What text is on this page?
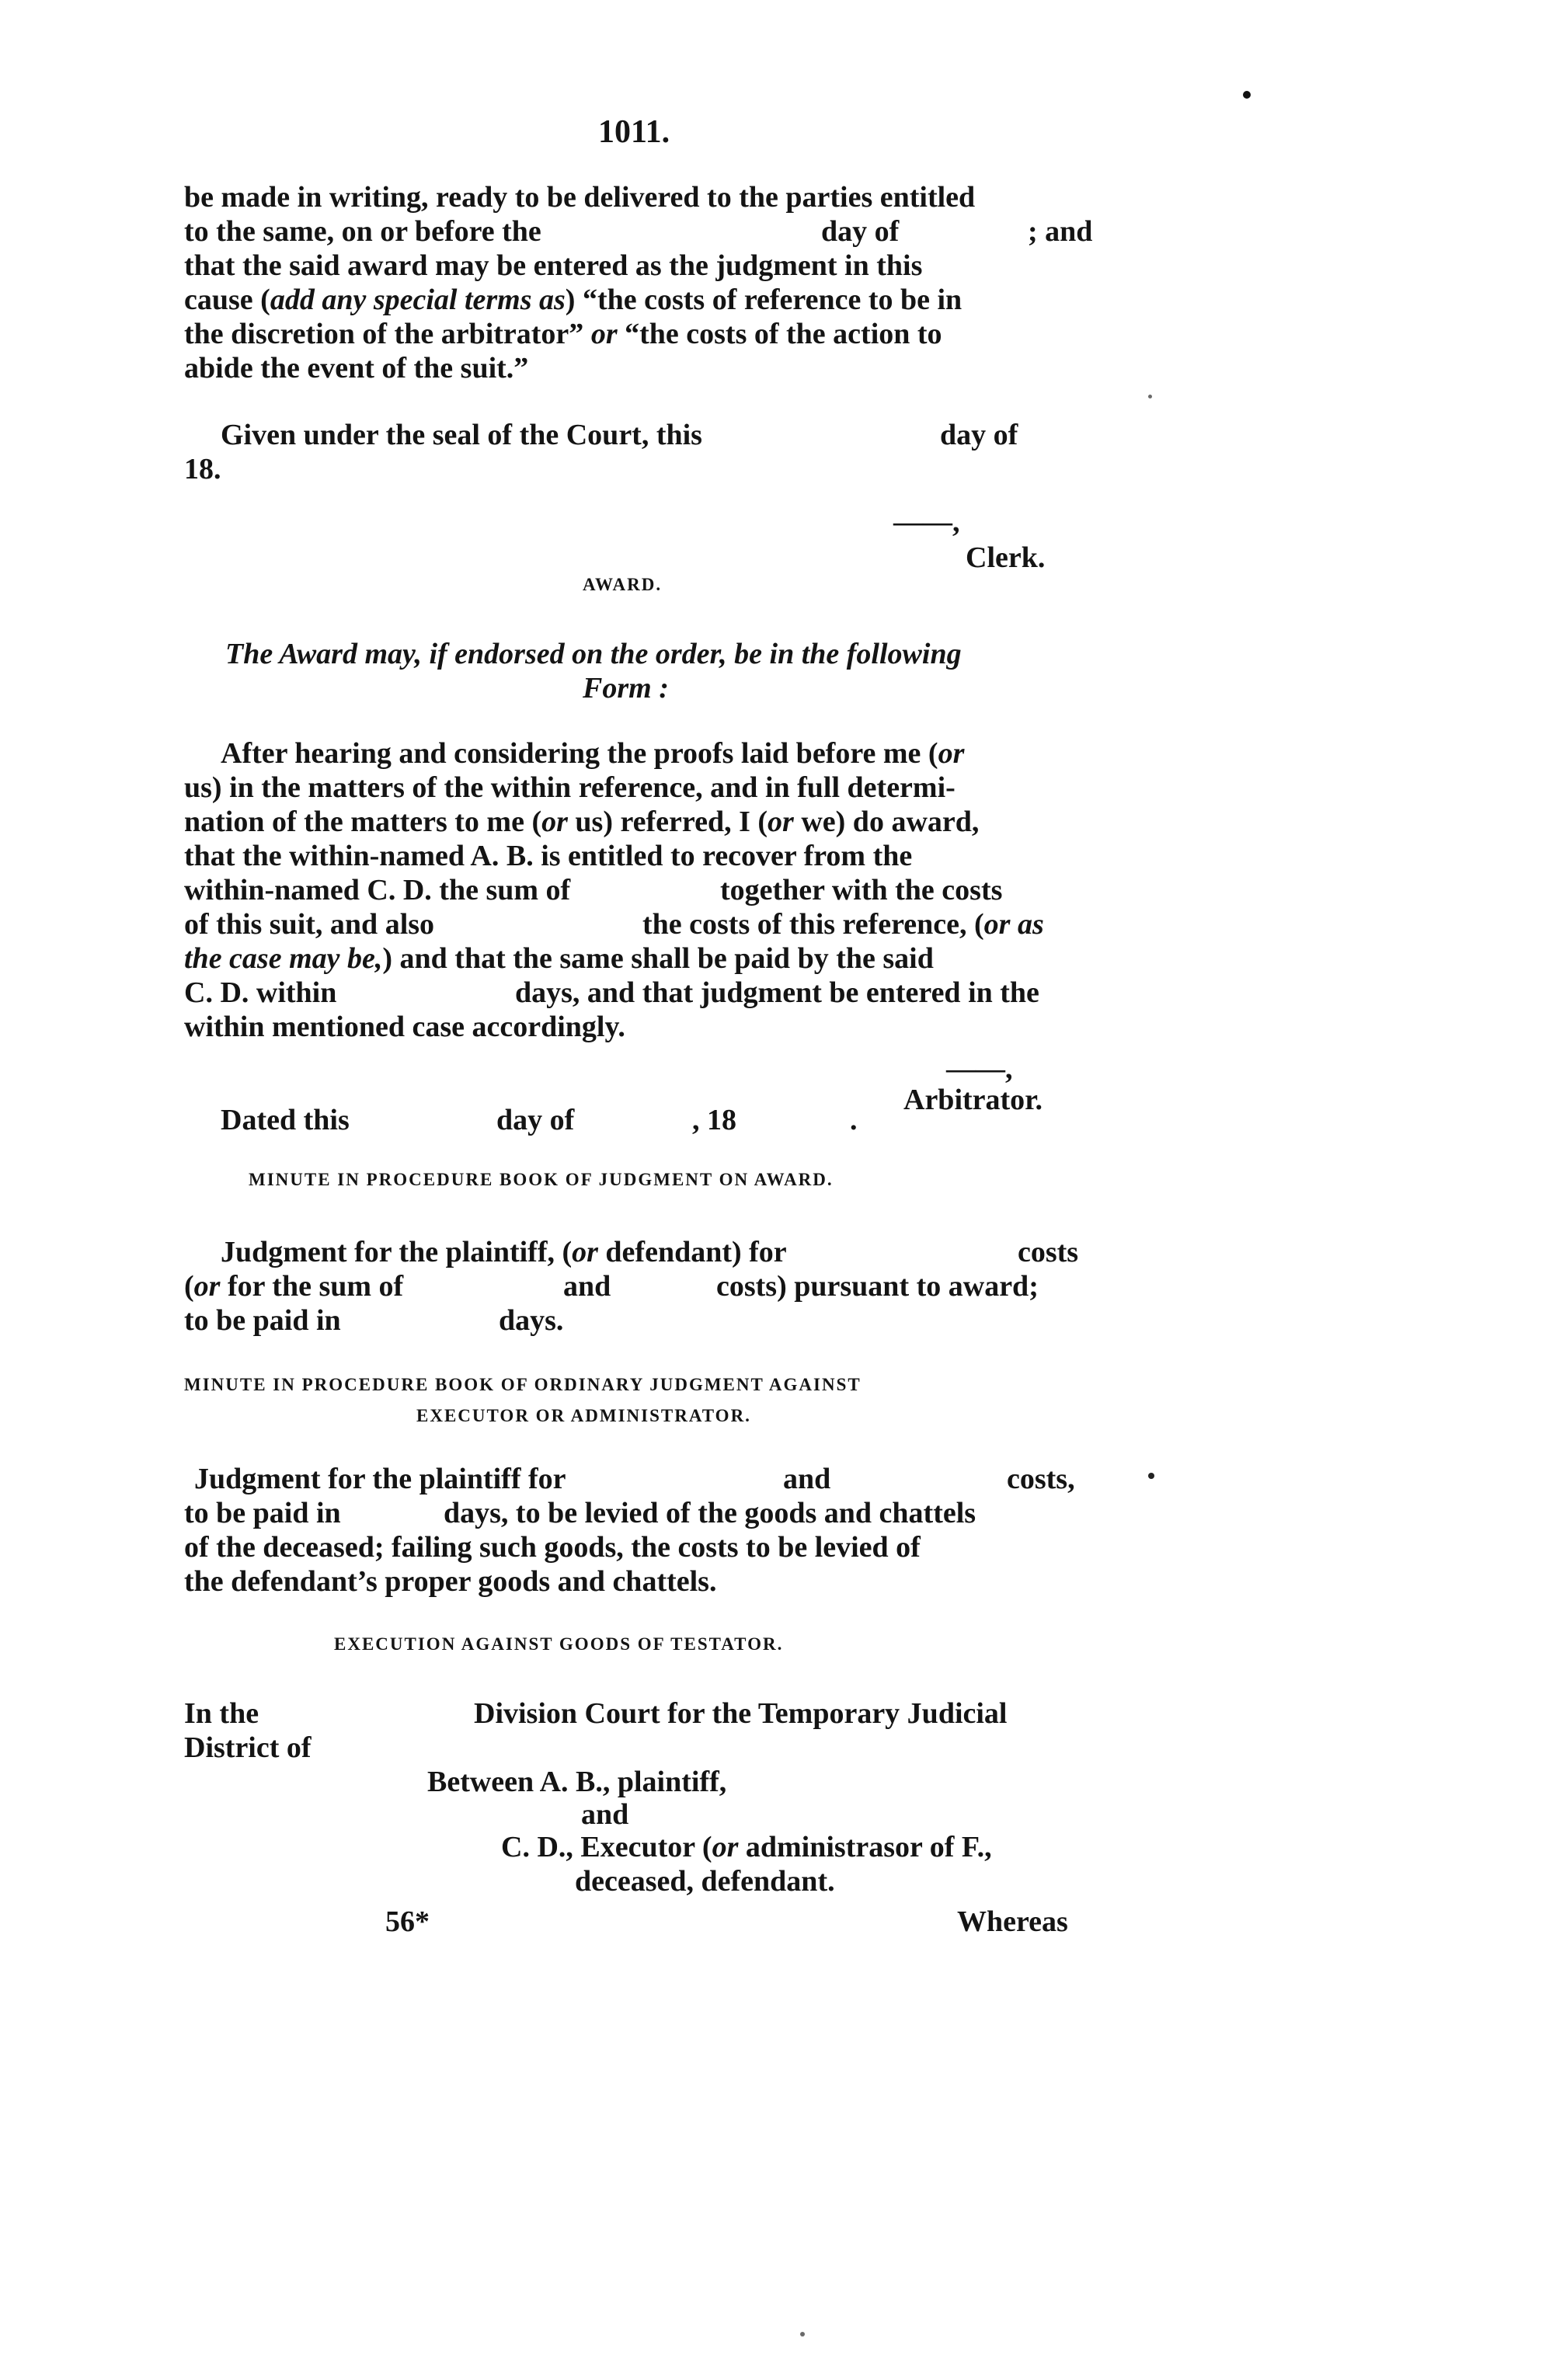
1011.
be made in writing, ready to be delivered to the parties entitled
to the same, on or before the	day of	; and
that the said award may be entered as the judgment in this
cause (add any special terms as) “the costs of reference to be in
the discretion of the arbitrator” or “the costs of the action to
abide the event of the suit.”
Given under the seal of the Court, this	day of
18.
——,
Clerk.
AWARD.
The Award may, if endorsed on the order, be in the following
Form :
After hearing and considering the proofs laid before me (or
us) in the matters of the within reference, and in full determi-
nation of the matters to me (or us) referred, I (or we) do award,
that the within-named A. B. is entitled to recover from the
within-named C. D. the sum of	together with the costs
of this suit, and also	the costs of this reference, (or as
the case may be,) and that the same shall be paid by the said
C. D. within	days, and that judgment be entered in the
within mentioned case accordingly.
——,
Arbitrator.
Dated this	day of	, 18	.
MINUTE IN PROCEDURE BOOK OF JUDGMENT ON AWARD.
Judgment for the plaintiff, (or defendant) for	costs
(or for the sum of	and	costs) pursuant to award;
to be paid in	days.
MINUTE IN PROCEDURE BOOK OF ORDINARY JUDGMENT AGAINST
EXECUTOR OR ADMINISTRATOR.
Judgment for the plaintiff for	and	costs,
to be paid in	days, to be levied of the goods and chattels
of the deceased; failing such goods, the costs to be levied of
the defendant’s proper goods and chattels.
EXECUTION AGAINST GOODS OF TESTATOR.
In the	Division Court for the Temporary Judicial
District of
Between A. B., plaintiff,
and
C. D., Executor (or administrasor of F.,
deceased, defendant.
56*	Whereas
